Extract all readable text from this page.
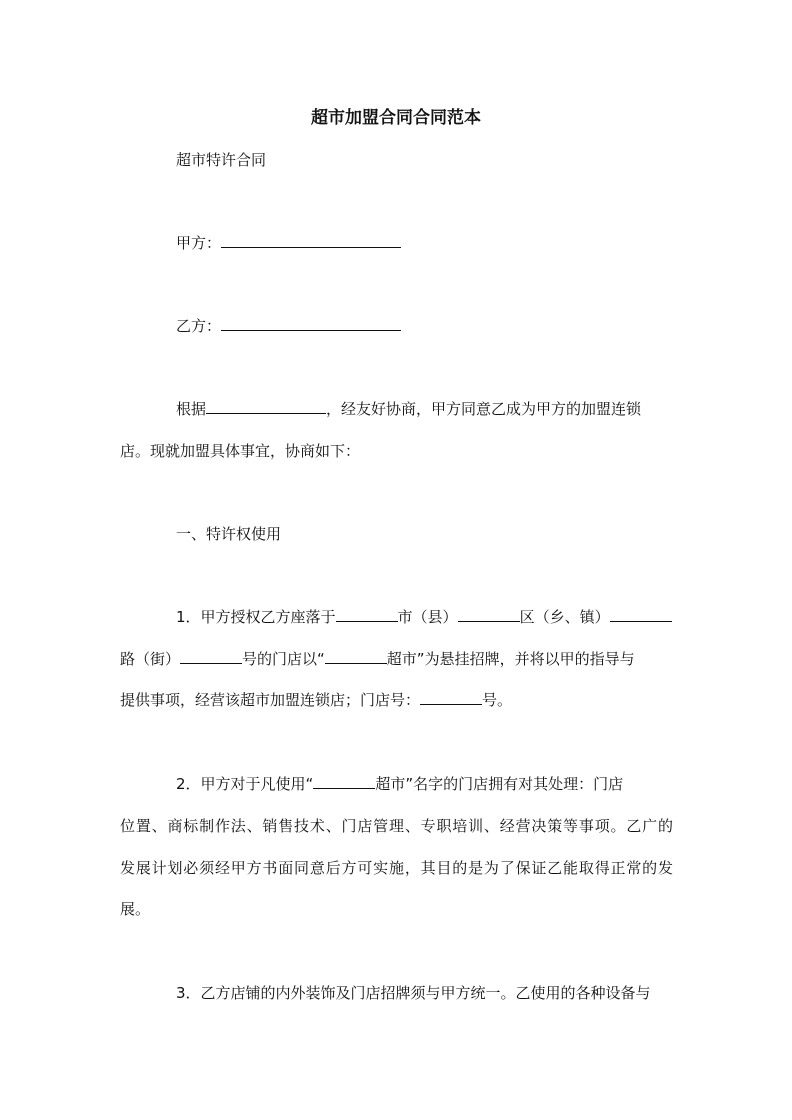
超市加盟合同合同范本
超市特许合同
甲方：
乙方：
根据	，经友好协商，甲方同意乙成为甲方的加盟连锁
店。现就加盟具体事宜，协商如下：
一、特许权使用
1．甲方授权乙方座落于	市（县）	区（乡、镇）
路（街）	号的门店以“	超市”为悬挂招牌，并将以甲的指导与
提供事项，经营该超市加盟连锁店；门店号：	号。
2．甲方对于凡使用“	超市”名字的门店拥有对其处理：门店
位置、商标制作法、销售技术、门店管理、专职培训、经营决策等事项。乙广的
发展计划必须经甲方书面同意后方可实施，其目的是为了保证乙能取得正常的发
展。
3．乙方店铺的内外装饰及门店招牌须与甲方统一。乙使用的各种设备与
